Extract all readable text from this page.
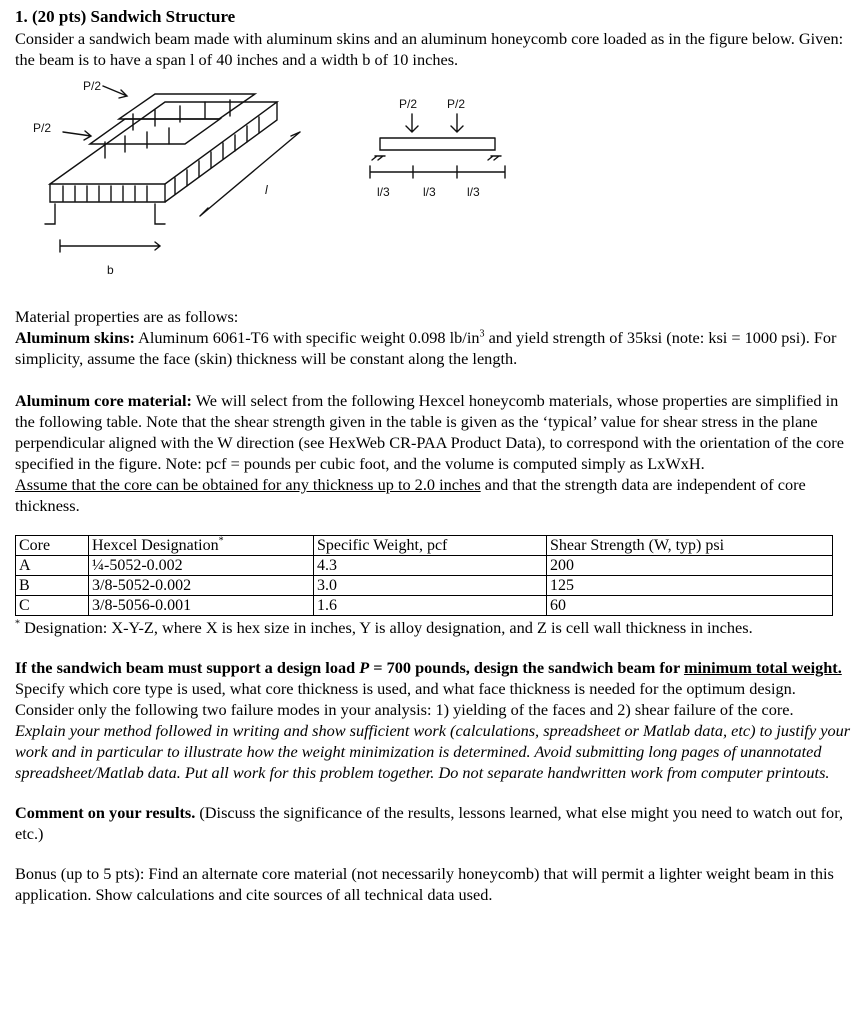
1. (20 pts) Sandwich Structure

Consider a sandwich beam made with aluminum skins and an aluminum honeycomb core loaded as in the figure below. Given: the beam is to have a span l of 40 inches and a width b of 10 inches.

P/2
P/2
l
b
P/2 P/2
l/3	l/3	l/3

Material properties are as follows:

Aluminum skins: Aluminum 6061-T6 with specific weight 0.098 $lb/in^3$ and yield strength of 35ksi (note: ksi = 1000 psi). For simplicity, assume the face (skin) thickness will be constant along the length.

Aluminum core material: We will select from the following Hexcel honeycomb materials, whose properties are simplified in the following table. Note that the shear strength given in the table is given as the ‘typical’ value for shear stress in the plane perpendicular aligned with the W direction (see HexWeb CR-PAA Product Data), to correspond with the orientation of the core specified in the figure. Note: pcf = pounds per cubic foot, and the volume is computed simply as LxWxH.

Assume that the core can be obtained for any thickness up to 2.0 inches and that the strength data are independent of core thickness.

Core	Hexcel Designation*	Specific Weight, pcf	Shear Strength (W, typ) psi
A	¼-5052-0.002	4.3	200
B	3/8-5052-0.002	3.0	125
C	3/8-5056-0.001	1.6	60

* Designation: X-Y-Z, where X is hex size in inches, Y is alloy designation, and Z is cell wall thickness in inches.

If the sandwich beam must support a design load P = 700 pounds, design the sandwich beam for minimum total weight. Specify which core type is used, what core thickness is used, and what face thickness is needed for the optimum design. Consider only the following two failure modes in your analysis: 1) yielding of the faces and 2) shear failure of the core.

Explain your method followed in writing and show sufficient work (calculations, spreadsheet or Matlab data, etc) to justify your work and in particular to illustrate how the weight minimization is determined. Avoid submitting long pages of unannotated spreadsheet/Matlab data. Put all work for this problem together. Do not separate handwritten work from computer printouts.

Comment on your results. (Discuss the significance of the results, lessons learned, what else might you need to watch out for, etc.)

Bonus (up to 5 pts): Find an alternate core material (not necessarily honeycomb) that will permit a lighter weight beam in this application. Show calculations and cite sources of all technical data used.
